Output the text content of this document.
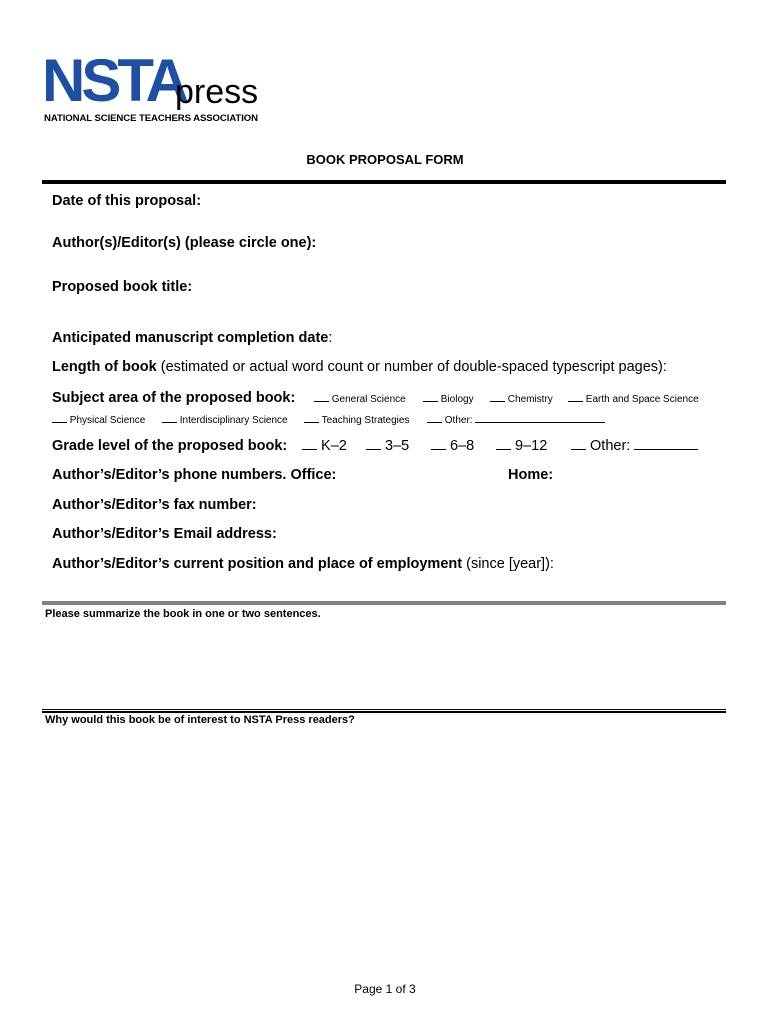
NSTA
press
NATIONAL SCIENCE TEACHERS ASSOCIATION
BOOK PROPOSAL FORM
Date of this proposal:
Author(s)/Editor(s) (please circle one):
Proposed book title:
Anticipated manuscript completion date:
Length of book (estimated or actual word count or number of double-spaced typescript pages):
Subject area of the proposed book:	General Science	Biology	Chemistry	Earth and Space Science
Physical Science	Interdisciplinary Science	Teaching Strategies	Other:
Grade level of the proposed book:	K–2	3–5	6–8	9–12	Other:
Author’s/Editor’s phone numbers. Office:	Home:
Author’s/Editor’s fax number:
Author’s/Editor’s Email address:
Author’s/Editor’s current position and place of employment (since [year]):
Please summarize the book in one or two sentences.
Why would this book be of interest to NSTA Press readers?
Page 1 of 3
